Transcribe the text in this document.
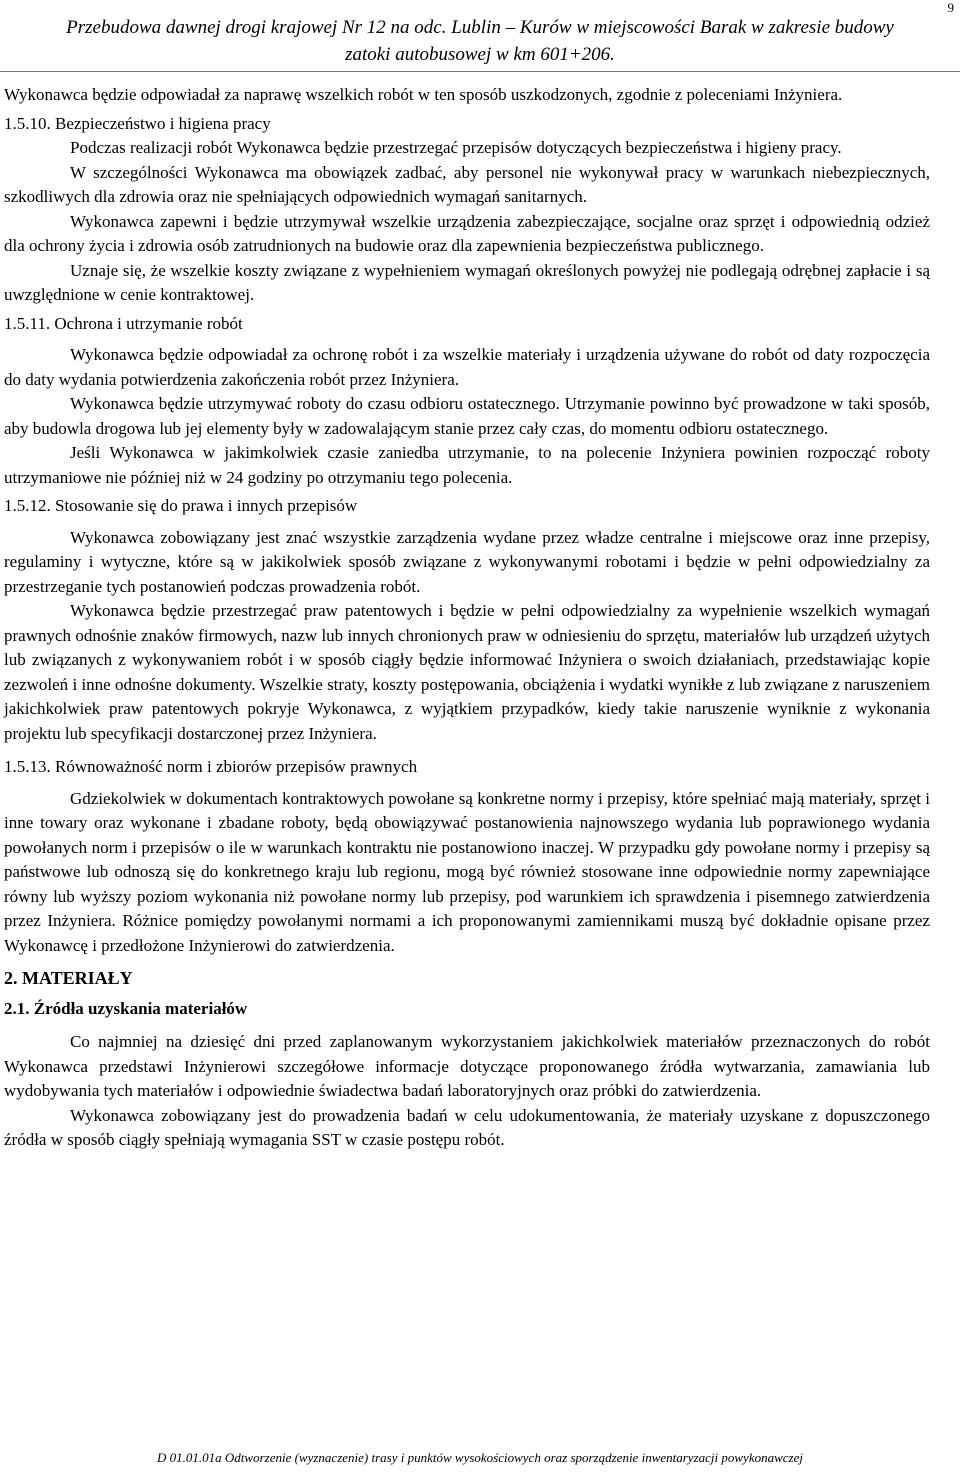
9
Przebudowa dawnej drogi krajowej Nr 12 na odc. Lublin – Kurów w miejscowości Barak w zakresie budowy
zatoki autobusowej w km 601+206.

Wykonawca będzie odpowiadał za naprawę wszelkich robót w ten sposób uszkodzonych, zgodnie z poleceniami Inżyniera.

1.5.10. Bezpieczeństwo i higiena pracy

Podczas realizacji robót Wykonawca będzie przestrzegać przepisów dotyczących bezpieczeństwa i higieny pracy.

W szczególności Wykonawca ma obowiązek zadbać, aby personel nie wykonywał pracy w warunkach niebezpiecznych, szkodliwych dla zdrowia oraz nie spełniających odpowiednich wymagań sanitarnych.

Wykonawca zapewni i będzie utrzymywał wszelkie urządzenia zabezpieczające, socjalne oraz sprzęt i odpowiednią odzież dla ochrony życia i zdrowia osób zatrudnionych na budowie oraz dla zapewnienia bezpieczeństwa publicznego.

Uznaje się, że wszelkie koszty związane z wypełnieniem wymagań określonych powyżej nie podlegają odrębnej zapłacie i są uwzględnione w cenie kontraktowej.

1.5.11. Ochrona i utrzymanie robót

Wykonawca będzie odpowiadał za ochronę robót i za wszelkie materiały i urządzenia używane do robót od daty rozpoczęcia do daty wydania potwierdzenia zakończenia robót przez Inżyniera.

Wykonawca będzie utrzymywać roboty do czasu odbioru ostatecznego. Utrzymanie powinno być prowadzone w taki sposób, aby budowla drogowa lub jej elementy były w zadowalającym stanie przez cały czas, do momentu odbioru ostatecznego.

Jeśli Wykonawca w jakimkolwiek czasie zaniedba utrzymanie, to na polecenie Inżyniera powinien rozpocząć roboty utrzymaniowe nie później niż w 24 godziny po otrzymaniu tego polecenia.

1.5.12. Stosowanie się do prawa i innych przepisów

Wykonawca zobowiązany jest znać wszystkie zarządzenia wydane przez władze centralne i miejscowe oraz inne przepisy, regulaminy i wytyczne, które są w jakikolwiek sposób związane z wykonywanymi robotami i będzie w pełni odpowiedzialny za przestrzeganie tych postanowień podczas prowadzenia robót.

Wykonawca będzie przestrzegać praw patentowych i będzie w pełni odpowiedzialny za wypełnienie wszelkich wymagań prawnych odnośnie znaków firmowych, nazw lub innych chronionych praw w odniesieniu do sprzętu, materiałów lub urządzeń użytych lub związanych z wykonywaniem robót i w sposób ciągły będzie informować Inżyniera o swoich działaniach, przedstawiając kopie zezwoleń i inne odnośne dokumenty. Wszelkie straty, koszty postępowania, obciążenia i wydatki wynikłe z lub związane z naruszeniem jakichkolwiek praw patentowych pokryje Wykonawca, z wyjątkiem przypadków, kiedy takie naruszenie wyniknie z wykonania projektu lub specyfikacji dostarczonej przez Inżyniera.

1.5.13. Równoważność norm i zbiorów przepisów prawnych

Gdziekolwiek w dokumentach kontraktowych powołane są konkretne normy i przepisy, które spełniać mają materiały, sprzęt i inne towary oraz wykonane i zbadane roboty, będą obowiązywać postanowienia najnowszego wydania lub poprawionego wydania powołanych norm i przepisów o ile w warunkach kontraktu nie postanowiono inaczej. W przypadku gdy powołane normy i przepisy są państwowe lub odnoszą się do konkretnego kraju lub regionu, mogą być również stosowane inne odpowiednie normy zapewniające równy lub wyższy poziom wykonania niż powołane normy lub przepisy, pod warunkiem ich sprawdzenia i pisemnego zatwierdzenia przez Inżyniera. Różnice pomiędzy powołanymi normami a ich proponowanymi zamiennikami muszą być dokładnie opisane przez Wykonawcę i przedłożone Inżynierowi do zatwierdzenia.

2. MATERIAŁY
2.1. Źródła uzyskania materiałów

Co najmniej na dziesięć dni przed zaplanowanym wykorzystaniem jakichkolwiek materiałów przeznaczonych do robót Wykonawca przedstawi Inżynierowi szczegółowe informacje dotyczące proponowanego źródła wytwarzania, zamawiania lub wydobywania tych materiałów i odpowiednie świadectwa badań laboratoryjnych oraz próbki do zatwierdzenia.

Wykonawca zobowiązany jest do prowadzenia badań w celu udokumentowania, że materiały uzyskane z dopuszczonego źródła w sposób ciągły spełniają wymagania SST w czasie postępu robót.

D 01.01.01a Odtworzenie (wyznaczenie) trasy i punktów wysokościowych oraz sporządzenie inwentaryzacji powykonawczej
